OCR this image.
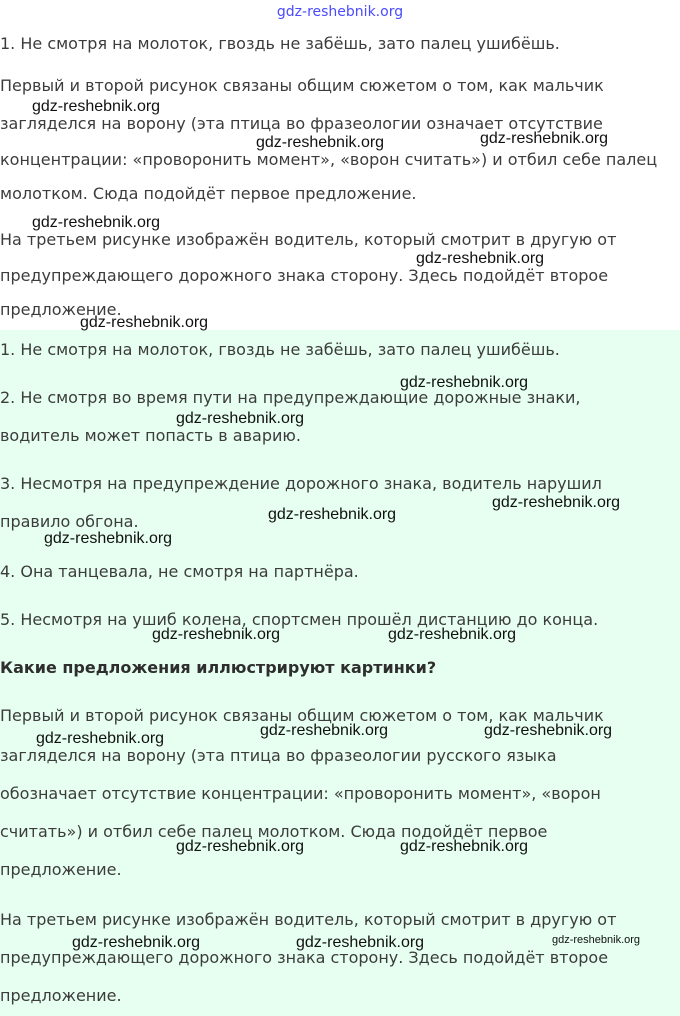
gdz-reshebnik.org
1. Не смотря на молоток, гвоздь не забёшь, зато палец ушибёшь.
Первый и второй рисунок связаны общим сюжетом о том, как мальчик
загляделся на ворону (эта птица во фразеологии означает отсутствие
концентрации: «проворонить момент», «ворон считать») и отбил себе палец
молотком. Сюда подойдёт первое предложение.
На третьем рисунке изображён водитель, который смотрит в другую от
предупреждающего дорожного знака сторону. Здесь подойдёт второе
предложение.
1. Не смотря на молоток, гвоздь не забёшь, зато палец ушибёшь.
2. Не смотря во время пути на предупреждающие дорожные знаки,
водитель может попасть в аварию.
3. Несмотря на предупреждение дорожного знака, водитель нарушил
правило обгона.
4. Она танцевала, не смотря на партнёра.
5. Несмотря на ушиб колена, спортсмен прошёл дистанцию до конца.
Какие предложения иллюстрируют картинки?
Первый и второй рисунок связаны общим сюжетом о том, как мальчик
загляделся на ворону (эта птица во фразеологии русского языка
обозначает отсутствие концентрации: «проворонить момент», «ворон
считать») и отбил себе палец молотком. Сюда подойдёт первое
предложение.
На третьем рисунке изображён водитель, который смотрит в другую от
предупреждающего дорожного знака сторону. Здесь подойдёт второе
предложение.
gdz-reshebnik.org
gdz-reshebnik.org	gdz-reshebnik.org
gdz-reshebnik.org
gdz-reshebnik.org
gdz-reshebnik.org
gdz-reshebnik.org
gdz-reshebnik.org
gdz-reshebnik.org
gdz-reshebnik.org
gdz-reshebnik.org
gdz-reshebnik.org	gdz-reshebnik.org
gdz-reshebnik.org	gdz-reshebnik.org
gdz-reshebnik.org
gdz-reshebnik.org	gdz-reshebnik.org
gdz-reshebnik.org	gdz-reshebnik.org	gdz-reshebnik.org
